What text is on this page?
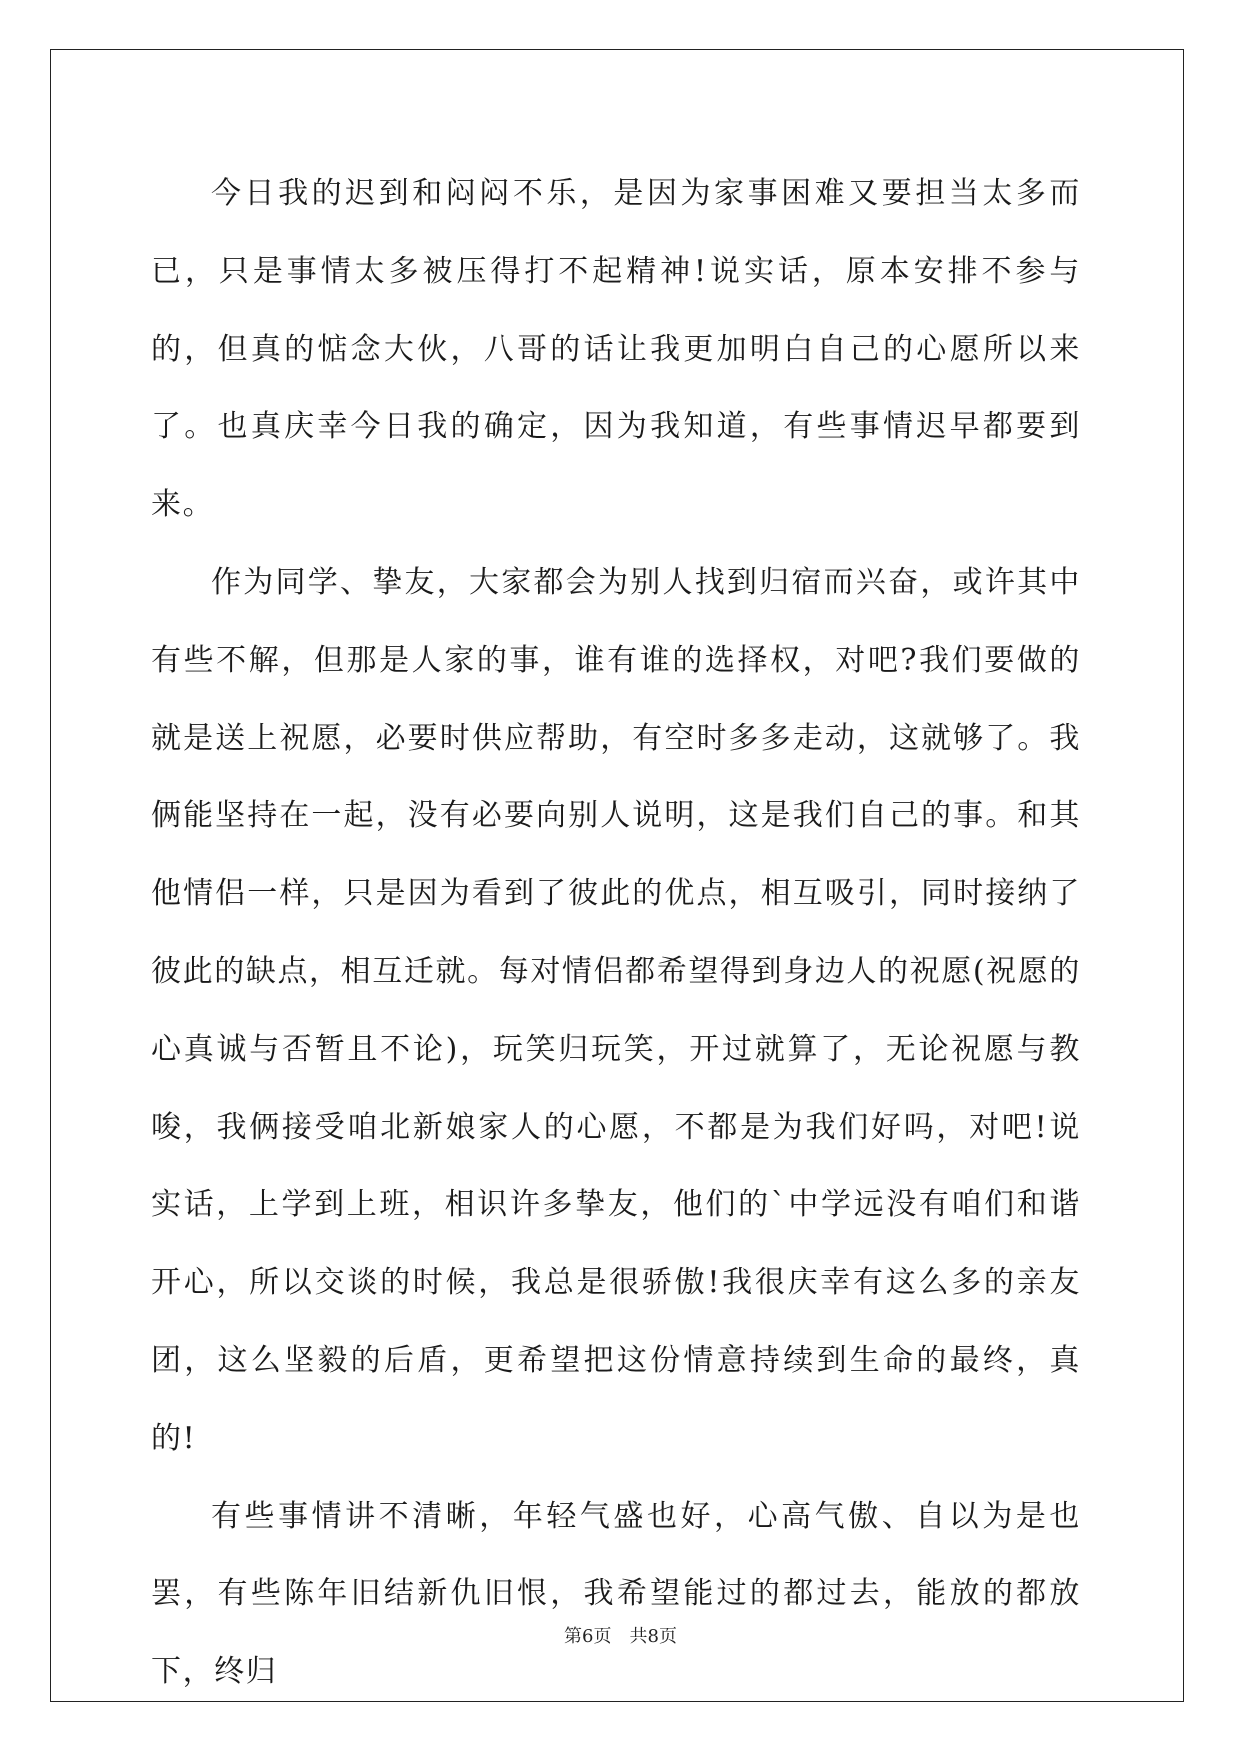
今日我的迟到和闷闷不乐，是因为家事困难又要担当太多而已，只是事情太多被压得打不起精神!说实话，原本安排不参与的，但真的惦念大伙，八哥的话让我更加明白自己的心愿所以来了。也真庆幸今日我的确定，因为我知道，有些事情迟早都要到来。

作为同学、挚友，大家都会为别人找到归宿而兴奋，或许其中有些不解，但那是人家的事，谁有谁的选择权，对吧?我们要做的就是送上祝愿，必要时供应帮助，有空时多多走动，这就够了。我俩能坚持在一起，没有必要向别人说明，这是我们自己的事。和其他情侣一样，只是因为看到了彼此的优点，相互吸引，同时接纳了彼此的缺点，相互迁就。每对情侣都希望得到身边人的祝愿(祝愿的心真诚与否暂且不论)，玩笑归玩笑，开过就算了，无论祝愿与教唆，我俩接受咱北新娘家人的心愿，不都是为我们好吗，对吧!说实话，上学到上班，相识许多挚友，他们的`中学远没有咱们和谐开心，所以交谈的时候，我总是很骄傲!我很庆幸有这么多的亲友团，这么坚毅的后盾，更希望把这份情意持续到生命的最终，真的!

有些事情讲不清晰，年轻气盛也好，心高气傲、自以为是也罢，有些陈年旧结新仇旧恨，我希望能过的都过去，能放的都放下，终归

第6页　共8页
